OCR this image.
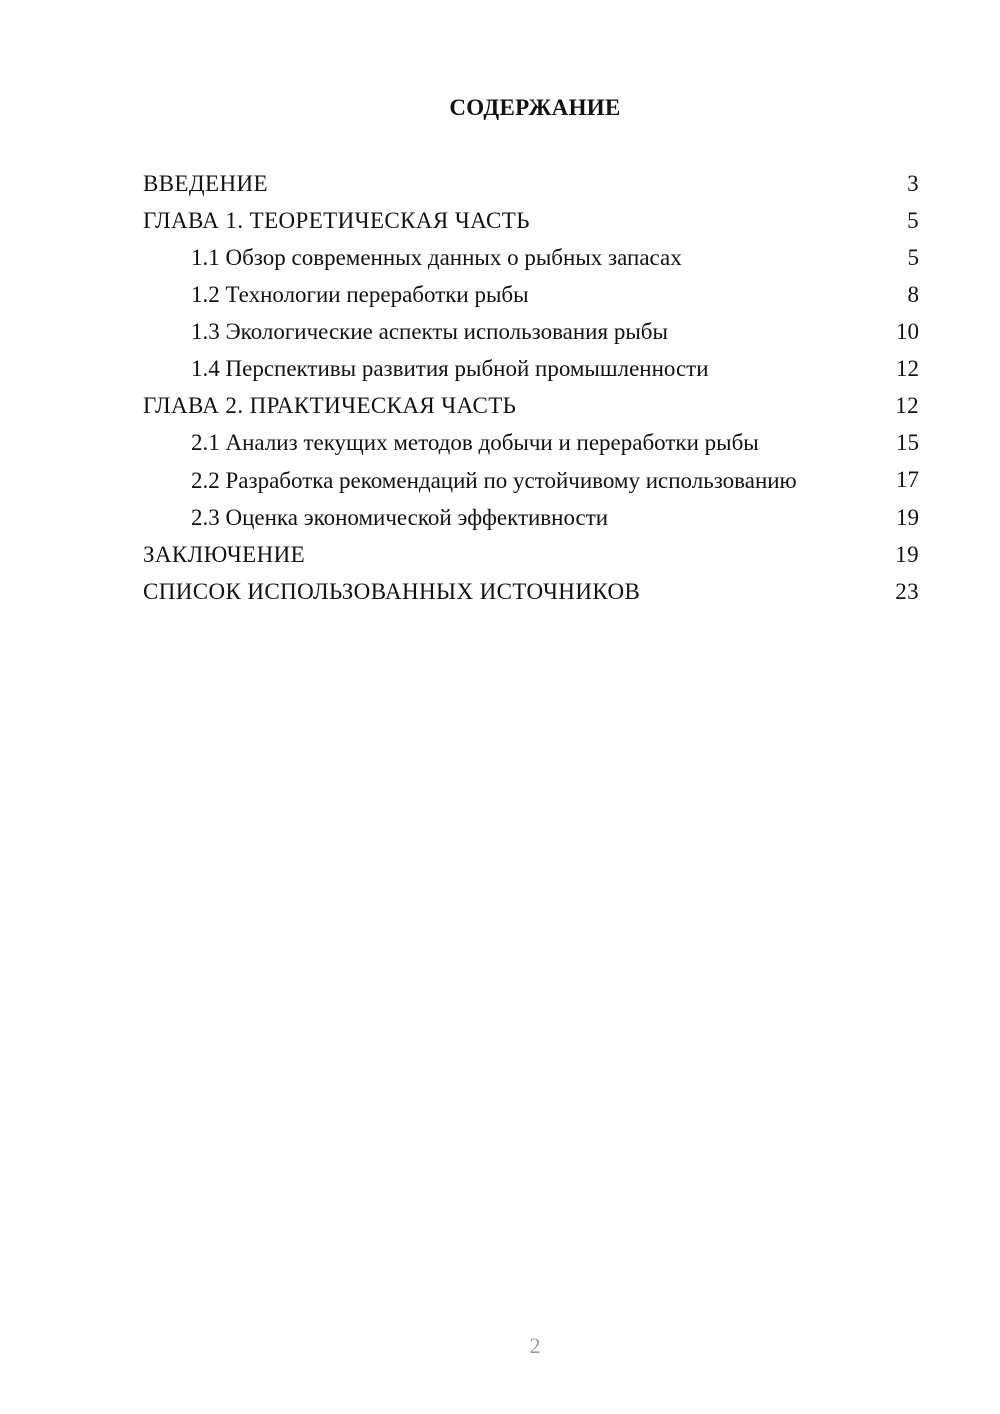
СОДЕРЖАНИЕ
ВВЕДЕНИЕ	3
ГЛАВА 1. ТЕОРЕТИЧЕСКАЯ ЧАСТЬ	5
1.1 Обзор современных данных о рыбных запасах	5
1.2 Технологии переработки рыбы	8
1.3 Экологические аспекты использования рыбы	10
1.4 Перспективы развития рыбной промышленности	12
ГЛАВА 2. ПРАКТИЧЕСКАЯ ЧАСТЬ	12
2.1 Анализ текущих методов добычи и переработки рыбы	15
2.2 Разработка рекомендаций по устойчивому использованию	17
2.3 Оценка экономической эффективности	19
ЗАКЛЮЧЕНИЕ	19
СПИСОК ИСПОЛЬЗОВАННЫХ ИСТОЧНИКОВ	23
2
